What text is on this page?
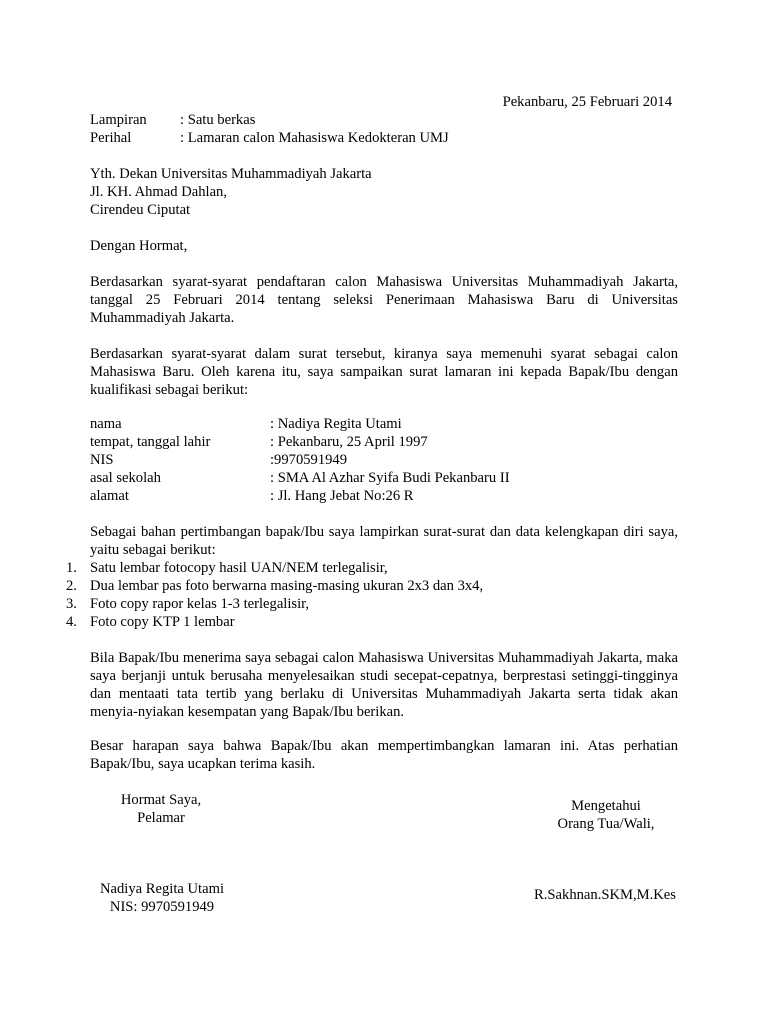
Pekanbaru, 25 Februari 2014
Lampiran	: Satu berkas
Perihal	: Lamaran calon Mahasiswa Kedokteran UMJ
Yth. Dekan Universitas Muhammadiyah Jakarta
Jl. KH. Ahmad Dahlan,
Cirendeu Ciputat
Dengan Hormat,
Berdasarkan syarat-syarat pendaftaran calon Mahasiswa Universitas Muhammadiyah Jakarta, tanggal 25 Februari 2014 tentang seleksi Penerimaan Mahasiswa Baru di Universitas Muhammadiyah Jakarta.
Berdasarkan syarat-syarat dalam surat tersebut, kiranya saya memenuhi syarat sebagai calon Mahasiswa Baru. Oleh karena itu, saya sampaikan surat lamaran ini kepada Bapak/Ibu dengan kualifikasi sebagai berikut:
nama	: Nadiya Regita Utami
tempat, tanggal lahir	: Pekanbaru, 25 April 1997
NIS	:9970591949
asal sekolah	: SMA Al Azhar Syifa Budi Pekanbaru II
alamat	: Jl. Hang Jebat No:26 R
Sebagai bahan pertimbangan bapak/Ibu saya lampirkan surat-surat dan data kelengkapan diri saya, yaitu sebagai berikut:
1. Satu lembar fotocopy hasil UAN/NEM terlegalisir,
2. Dua lembar pas foto berwarna masing-masing ukuran 2x3 dan 3x4,
3. Foto copy rapor kelas 1-3 terlegalisir,
4. Foto copy KTP 1 lembar
Bila Bapak/Ibu menerima saya sebagai calon Mahasiswa Universitas Muhammadiyah Jakarta, maka saya berjanji untuk berusaha menyelesaikan studi secepat-cepatnya, berprestasi setinggi-tingginya dan mentaati tata tertib yang berlaku di Universitas Muhammadiyah Jakarta serta tidak akan menyia-nyiakan kesempatan yang Bapak/Ibu berikan.
Besar harapan saya bahwa Bapak/Ibu akan mempertimbangkan lamaran ini. Atas perhatian Bapak/Ibu, saya ucapkan terima kasih.
Hormat Saya,
Pelamar
Mengetahui
Orang Tua/Wali,
Nadiya Regita Utami
NIS: 9970591949
R.Sakhnan.SKM,M.Kes
